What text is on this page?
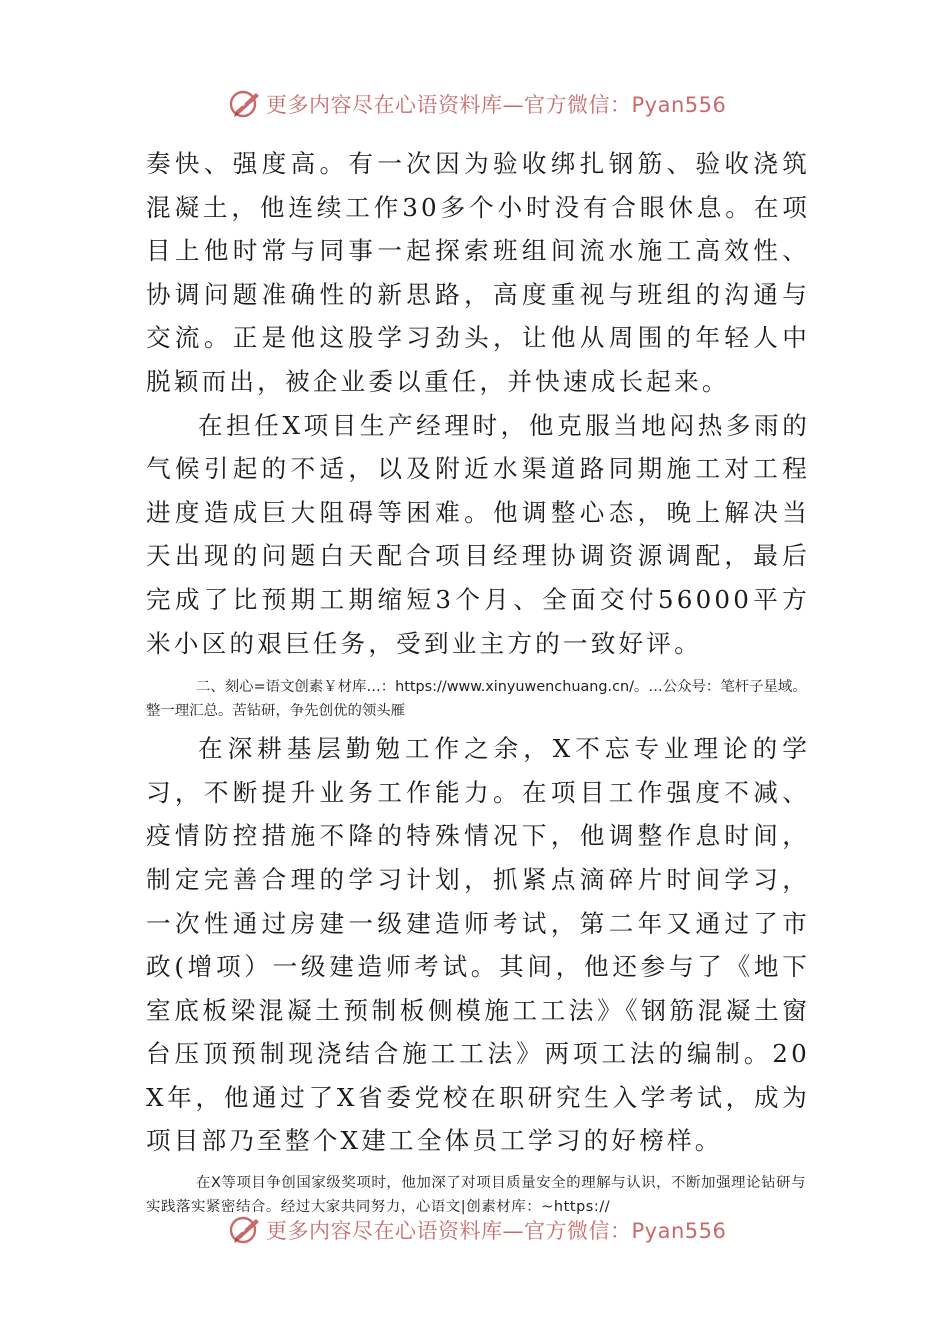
更多内容尽在心语资料库—官方微信：Pyan556

奏快、强度高。有一次因为验收绑扎钢筋、验收浇筑混凝土，他连续工作30多个小时没有合眼休息。在项目上他时常与同事一起探索班组间流水施工高效性、协调问题准确性的新思路，高度重视与班组的沟通与交流。正是他这股学习劲头，让他从周围的年轻人中脱颖而出，被企业委以重任，并快速成长起来。

在担任X项目生产经理时，他克服当地闷热多雨的气候引起的不适，以及附近水渠道路同期施工对工程进度造成巨大阻碍等困难。他调整心态，晚上解决当天出现的问题白天配合项目经理协调资源调配，最后完成了比预期工期缩短3个月、全面交付56000平方米小区的艰巨任务，受到业主方的一致好评。

二、刻心=语文创素￥材库…：https://www.xinyuwenchuang.cn/。…公众号：笔杆子星域。整一理汇总。苦钻研，争先创优的领头雁

在深耕基层勤勉工作之余，X不忘专业理论的学习，不断提升业务工作能力。在项目工作强度不减、疫情防控措施不降的特殊情况下，他调整作息时间，制定完善合理的学习计划，抓紧点滴碎片时间学习，一次性通过房建一级建造师考试，第二年又通过了市政(增项）一级建造师考试。其间，他还参与了《地下室底板梁混凝土预制板侧模施工工法》《钢筋混凝土窗台压顶预制现浇结合施工工法》两项工法的编制。20X年，他通过了X省委党校在职研究生入学考试，成为项目部乃至整个X建工全体员工学习的好榜样。

在X等项目争创国家级奖项时，他加深了对项目质量安全的理解与认识，不断加强理论钻研与实践落实紧密结合。经过大家共同努力，心语文|创素材库：~https://

更多内容尽在心语资料库—官方微信：Pyan556
